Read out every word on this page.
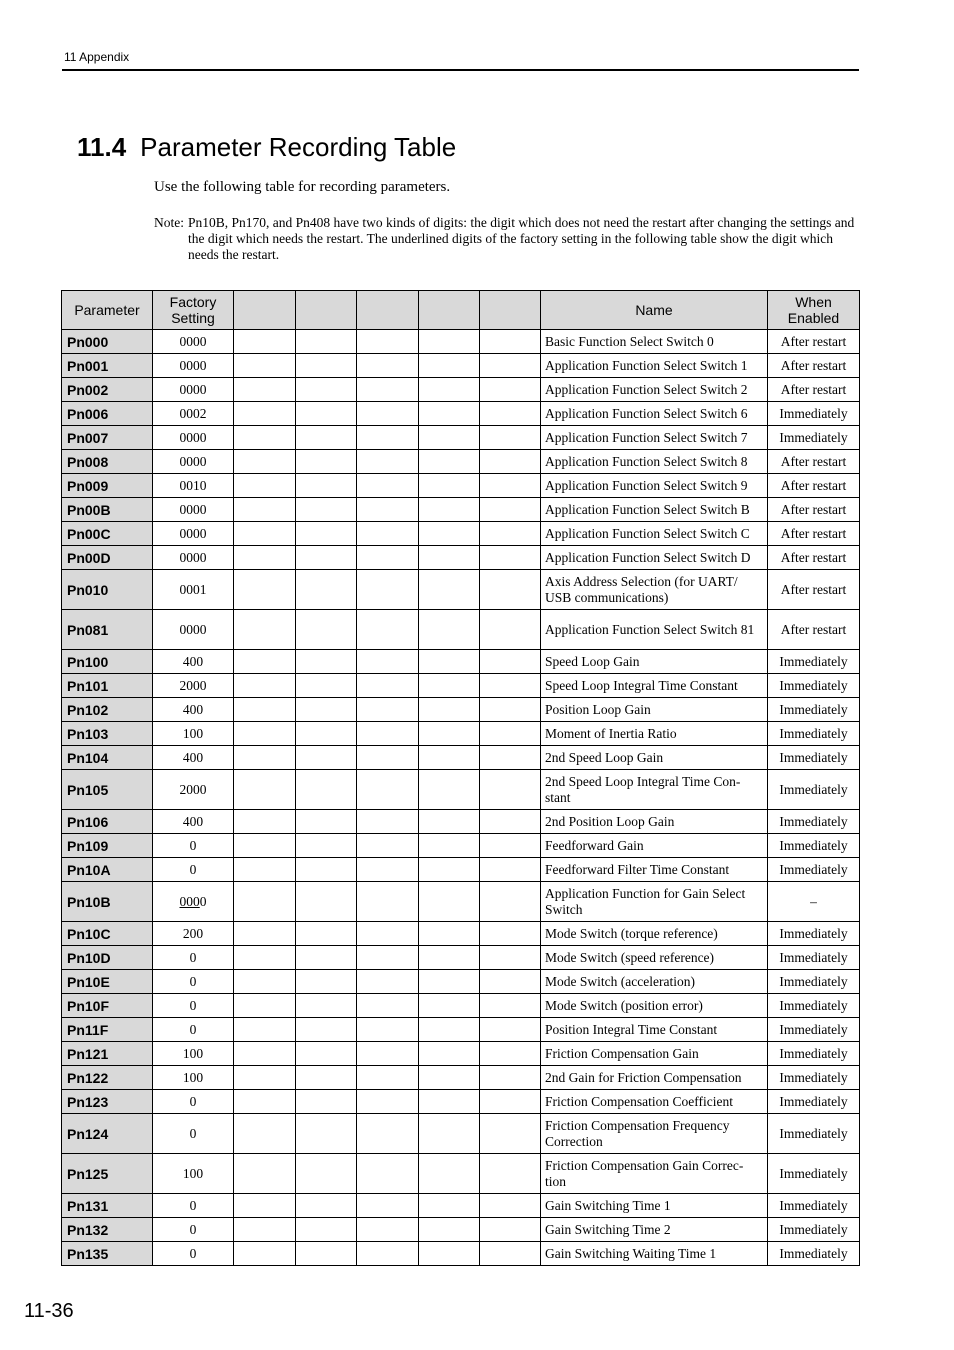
11 Appendix
11.4 Parameter Recording Table
Use the following table for recording parameters.
Note: Pn10B, Pn170, and Pn408 have two kinds of digits: the digit which does not need the restart after changing the settings and the digit which needs the restart. The underlined digits of the factory setting in the following table show the digit which needs the restart.
Parameter	Factory Setting						Name	When Enabled
Pn000	0000						Basic Function Select Switch 0	After restart
Pn001	0000						Application Function Select Switch 1	After restart
Pn002	0000						Application Function Select Switch 2	After restart
Pn006	0002						Application Function Select Switch 6	Immediately
Pn007	0000						Application Function Select Switch 7	Immediately
Pn008	0000						Application Function Select Switch 8	After restart
Pn009	0010						Application Function Select Switch 9	After restart
Pn00B	0000						Application Function Select Switch B	After restart
Pn00C	0000						Application Function Select Switch C	After restart
Pn00D	0000						Application Function Select Switch D	After restart
Pn010	0001						Axis Address Selection (for UART/ USB communications)	After restart
Pn081	0000						Application Function Select Switch 81	After restart
Pn100	400						Speed Loop Gain	Immediately
Pn101	2000						Speed Loop Integral Time Constant	Immediately
Pn102	400						Position Loop Gain	Immediately
Pn103	100						Moment of Inertia Ratio	Immediately
Pn104	400						2nd Speed Loop Gain	Immediately
Pn105	2000						2nd Speed Loop Integral Time Con- stant	Immediately
Pn106	400						2nd Position Loop Gain	Immediately
Pn109	0						Feedforward Gain	Immediately
Pn10A	0						Feedforward Filter Time Constant	Immediately
Pn10B	0000						Application Function for Gain Select Switch	–
Pn10C	200						Mode Switch (torque reference)	Immediately
Pn10D	0						Mode Switch (speed reference)	Immediately
Pn10E	0						Mode Switch (acceleration)	Immediately
Pn10F	0						Mode Switch (position error)	Immediately
Pn11F	0						Position Integral Time Constant	Immediately
Pn121	100						Friction Compensation Gain	Immediately
Pn122	100						2nd Gain for Friction Compensation	Immediately
Pn123	0						Friction Compensation Coefficient	Immediately
Pn124	0						Friction Compensation Frequency Correction	Immediately
Pn125	100						Friction Compensation Gain Correc- tion	Immediately
Pn131	0						Gain Switching Time 1	Immediately
Pn132	0						Gain Switching Time 2	Immediately
Pn135	0						Gain Switching Waiting Time 1	Immediately
11-36
